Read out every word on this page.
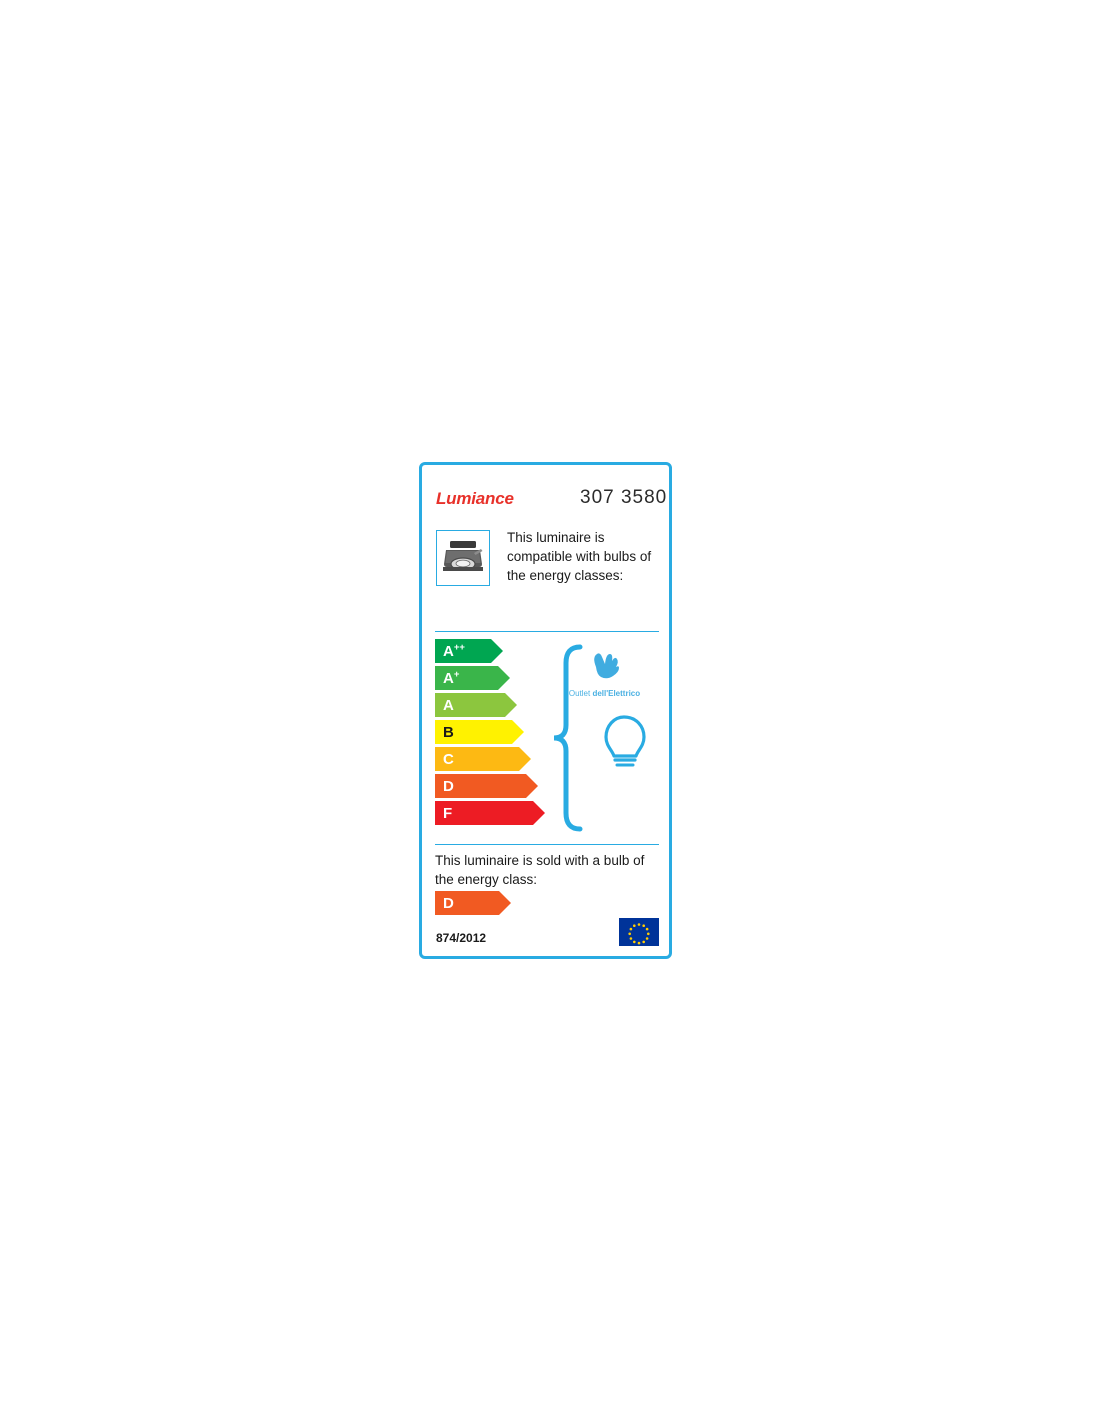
Lumiance	307 3580
This luminaire is compatible with bulbs of the energy classes:
A++
A+
A
B
C
D
F
Outlet dell'Elettrico
This luminaire is sold with a bulb of the energy class:
D
874/2012
